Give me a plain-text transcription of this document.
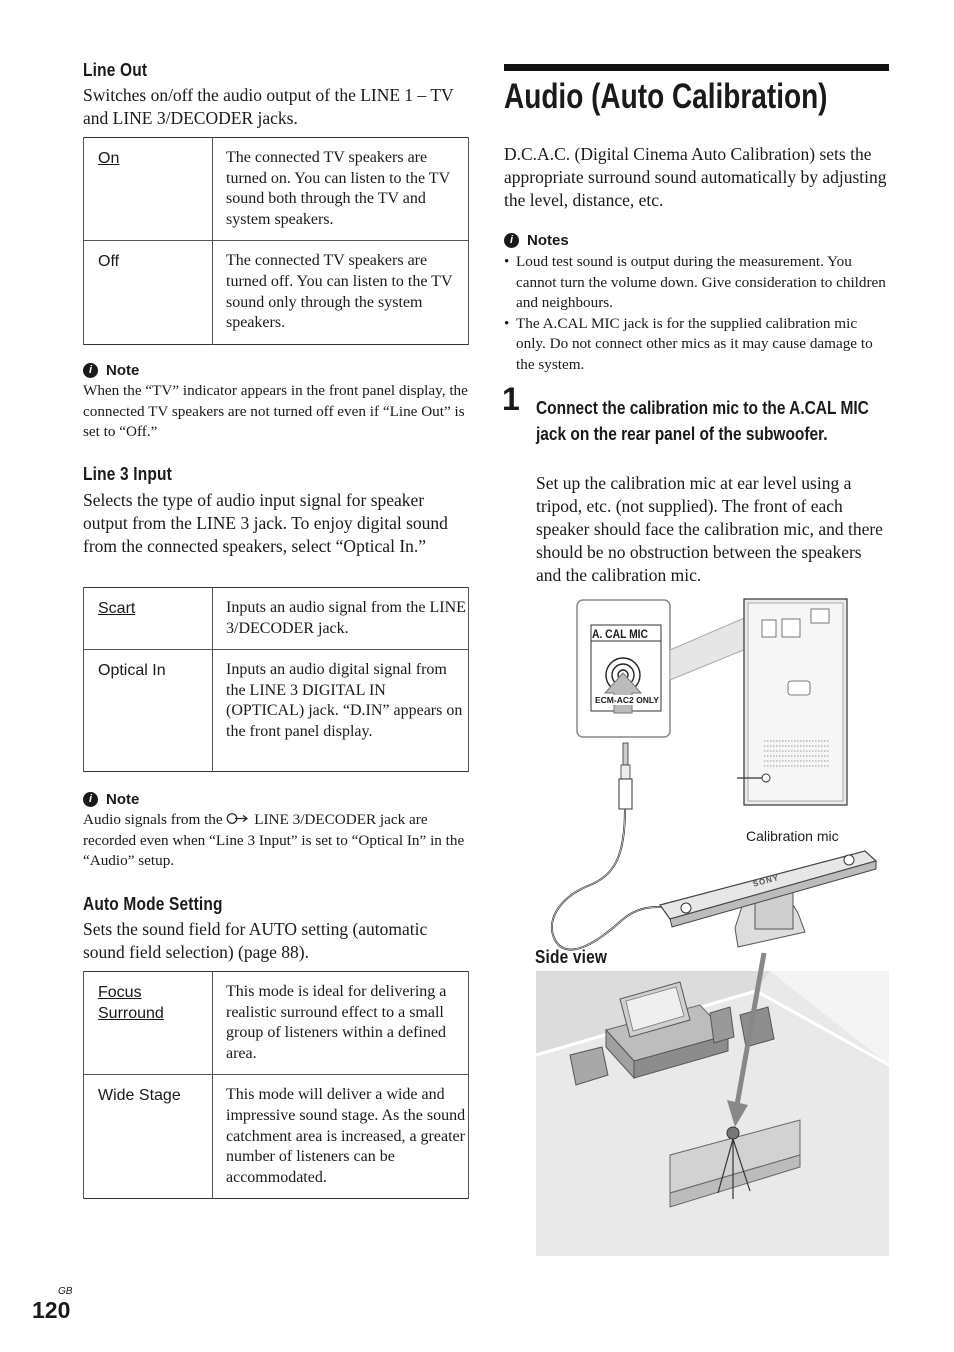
Line Out
Switches on/off the audio output of the LINE 1 – TV and LINE 3/DECODER jacks.
On	The connected TV speakers are turned on. You can listen to the TV sound both through the TV and system speakers.
Off	The connected TV speakers are turned off. You can listen to the TV sound only through the system speakers.
i Note
When the “TV” indicator appears in the front panel display, the connected TV speakers are not turned off even if “Line Out” is set to “Off.”
Line 3 Input
Selects the type of audio input signal for speaker output from the LINE 3 jack. To enjoy digital sound from the connected speakers, select “Optical In.”
Scart	Inputs an audio signal from the LINE 3/DECODER jack.
Optical In	Inputs an audio digital signal from the LINE 3 DIGITAL IN (OPTICAL) jack. “D.IN” appears on the front panel display.
i Note
Audio signals from the LINE 3/DECODER jack are recorded even when “Line 3 Input” is set to “Optical In” in the “Audio” setup.
Auto Mode Setting
Sets the sound field for AUTO setting (automatic sound field selection) (page 88).
Focus Surround	This mode is ideal for delivering a realistic surround effect to a small group of listeners within a defined area.
Wide Stage	This mode will deliver a wide and impressive sound stage. As the sound catchment area is increased, a greater number of listeners can be accommodated.
Audio (Auto Calibration)
D.C.A.C. (Digital Cinema Auto Calibration) sets the appropriate surround sound automatically by adjusting the level, distance, etc.
i Notes
• Loud test sound is output during the measurement. You cannot turn the volume down. Give consideration to children and neighbours.
• The A.CAL MIC jack is for the supplied calibration mic only. Do not connect other mics as it may cause damage to the system.
1 Connect the calibration mic to the A.CAL MIC jack on the rear panel of the subwoofer.
Set up the calibration mic at ear level using a tripod, etc. (not supplied). The front of each speaker should face the calibration mic, and there should be no obstruction between the speakers and the calibration mic.
A. CAL MIC
ECM-AC2 ONLY
Calibration mic
SONY
Side view
GB
120
